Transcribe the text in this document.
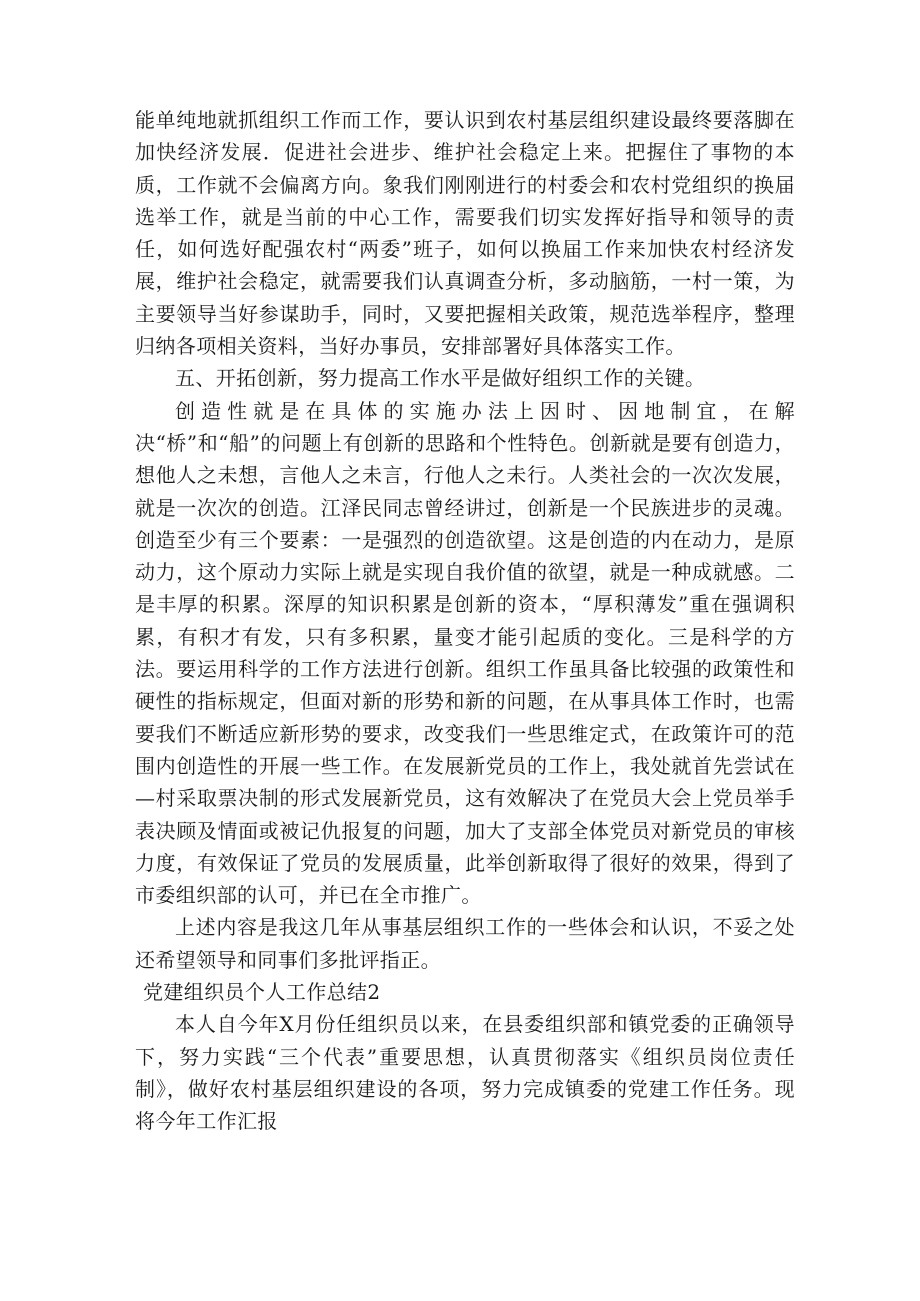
能单纯地就抓组织工作而工作，要认识到农村基层组织建设最终要落脚在加快经济发展．促进社会进步、维护社会稳定上来。把握住了事物的本质，工作就不会偏离方向。象我们刚刚进行的村委会和农村党组织的换届选举工作，就是当前的中心工作，需要我们切实发挥好指导和领导的责任，如何选好配强农村“两委”班子，如何以换届工作来加快农村经济发展，维护社会稳定，就需要我们认真调查分析，多动脑筋，一村一策，为主要领导当好参谋助手，同时，又要把握相关政策，规范选举程序，整理归纳各项相关资料，当好办事员，安排部署好具体落实工作。

五、开拓创新，努力提高工作水平是做好组织工作的关键。

创造性就是在具体的实施办法上因时、因地制宜，在解决“桥”和“船”的问题上有创新的思路和个性特色。创新就是要有创造力，想他人之未想，言他人之未言，行他人之未行。人类社会的一次次发展，就是一次次的创造。江泽民同志曾经讲过，创新是一个民族进步的灵魂。创造至少有三个要素：一是强烈的创造欲望。这是创造的内在动力，是原动力，这个原动力实际上就是实现自我价值的欲望，就是一种成就感。二是丰厚的积累。深厚的知识积累是创新的资本，“厚积薄发”重在强调积累，有积才有发，只有多积累，量变才能引起质的变化。三是科学的方法。要运用科学的工作方法进行创新。组织工作虽具备比较强的政策性和硬性的指标规定，但面对新的形势和新的问题，在从事具体工作时，也需要我们不断适应新形势的要求，改变我们一些思维定式，在政策许可的范围内创造性的开展一些工作。在发展新党员的工作上，我处就首先尝试在—村采取票决制的形式发展新党员，这有效解决了在党员大会上党员举手表决顾及情面或被记仇报复的问题，加大了支部全体党员对新党员的审核力度，有效保证了党员的发展质量，此举创新取得了很好的效果，得到了市委组织部的认可，并已在全市推广。

上述内容是我这几年从事基层组织工作的一些体会和认识，不妥之处还希望领导和同事们多批评指正。

党建组织员个人工作总结2

本人自今年X月份任组织员以来，在县委组织部和镇党委的正确领导下，努力实践“三个代表”重要思想，认真贯彻落实《组织员岗位责任制》，做好农村基层组织建设的各项，努力完成镇委的党建工作任务。现将今年工作汇报
